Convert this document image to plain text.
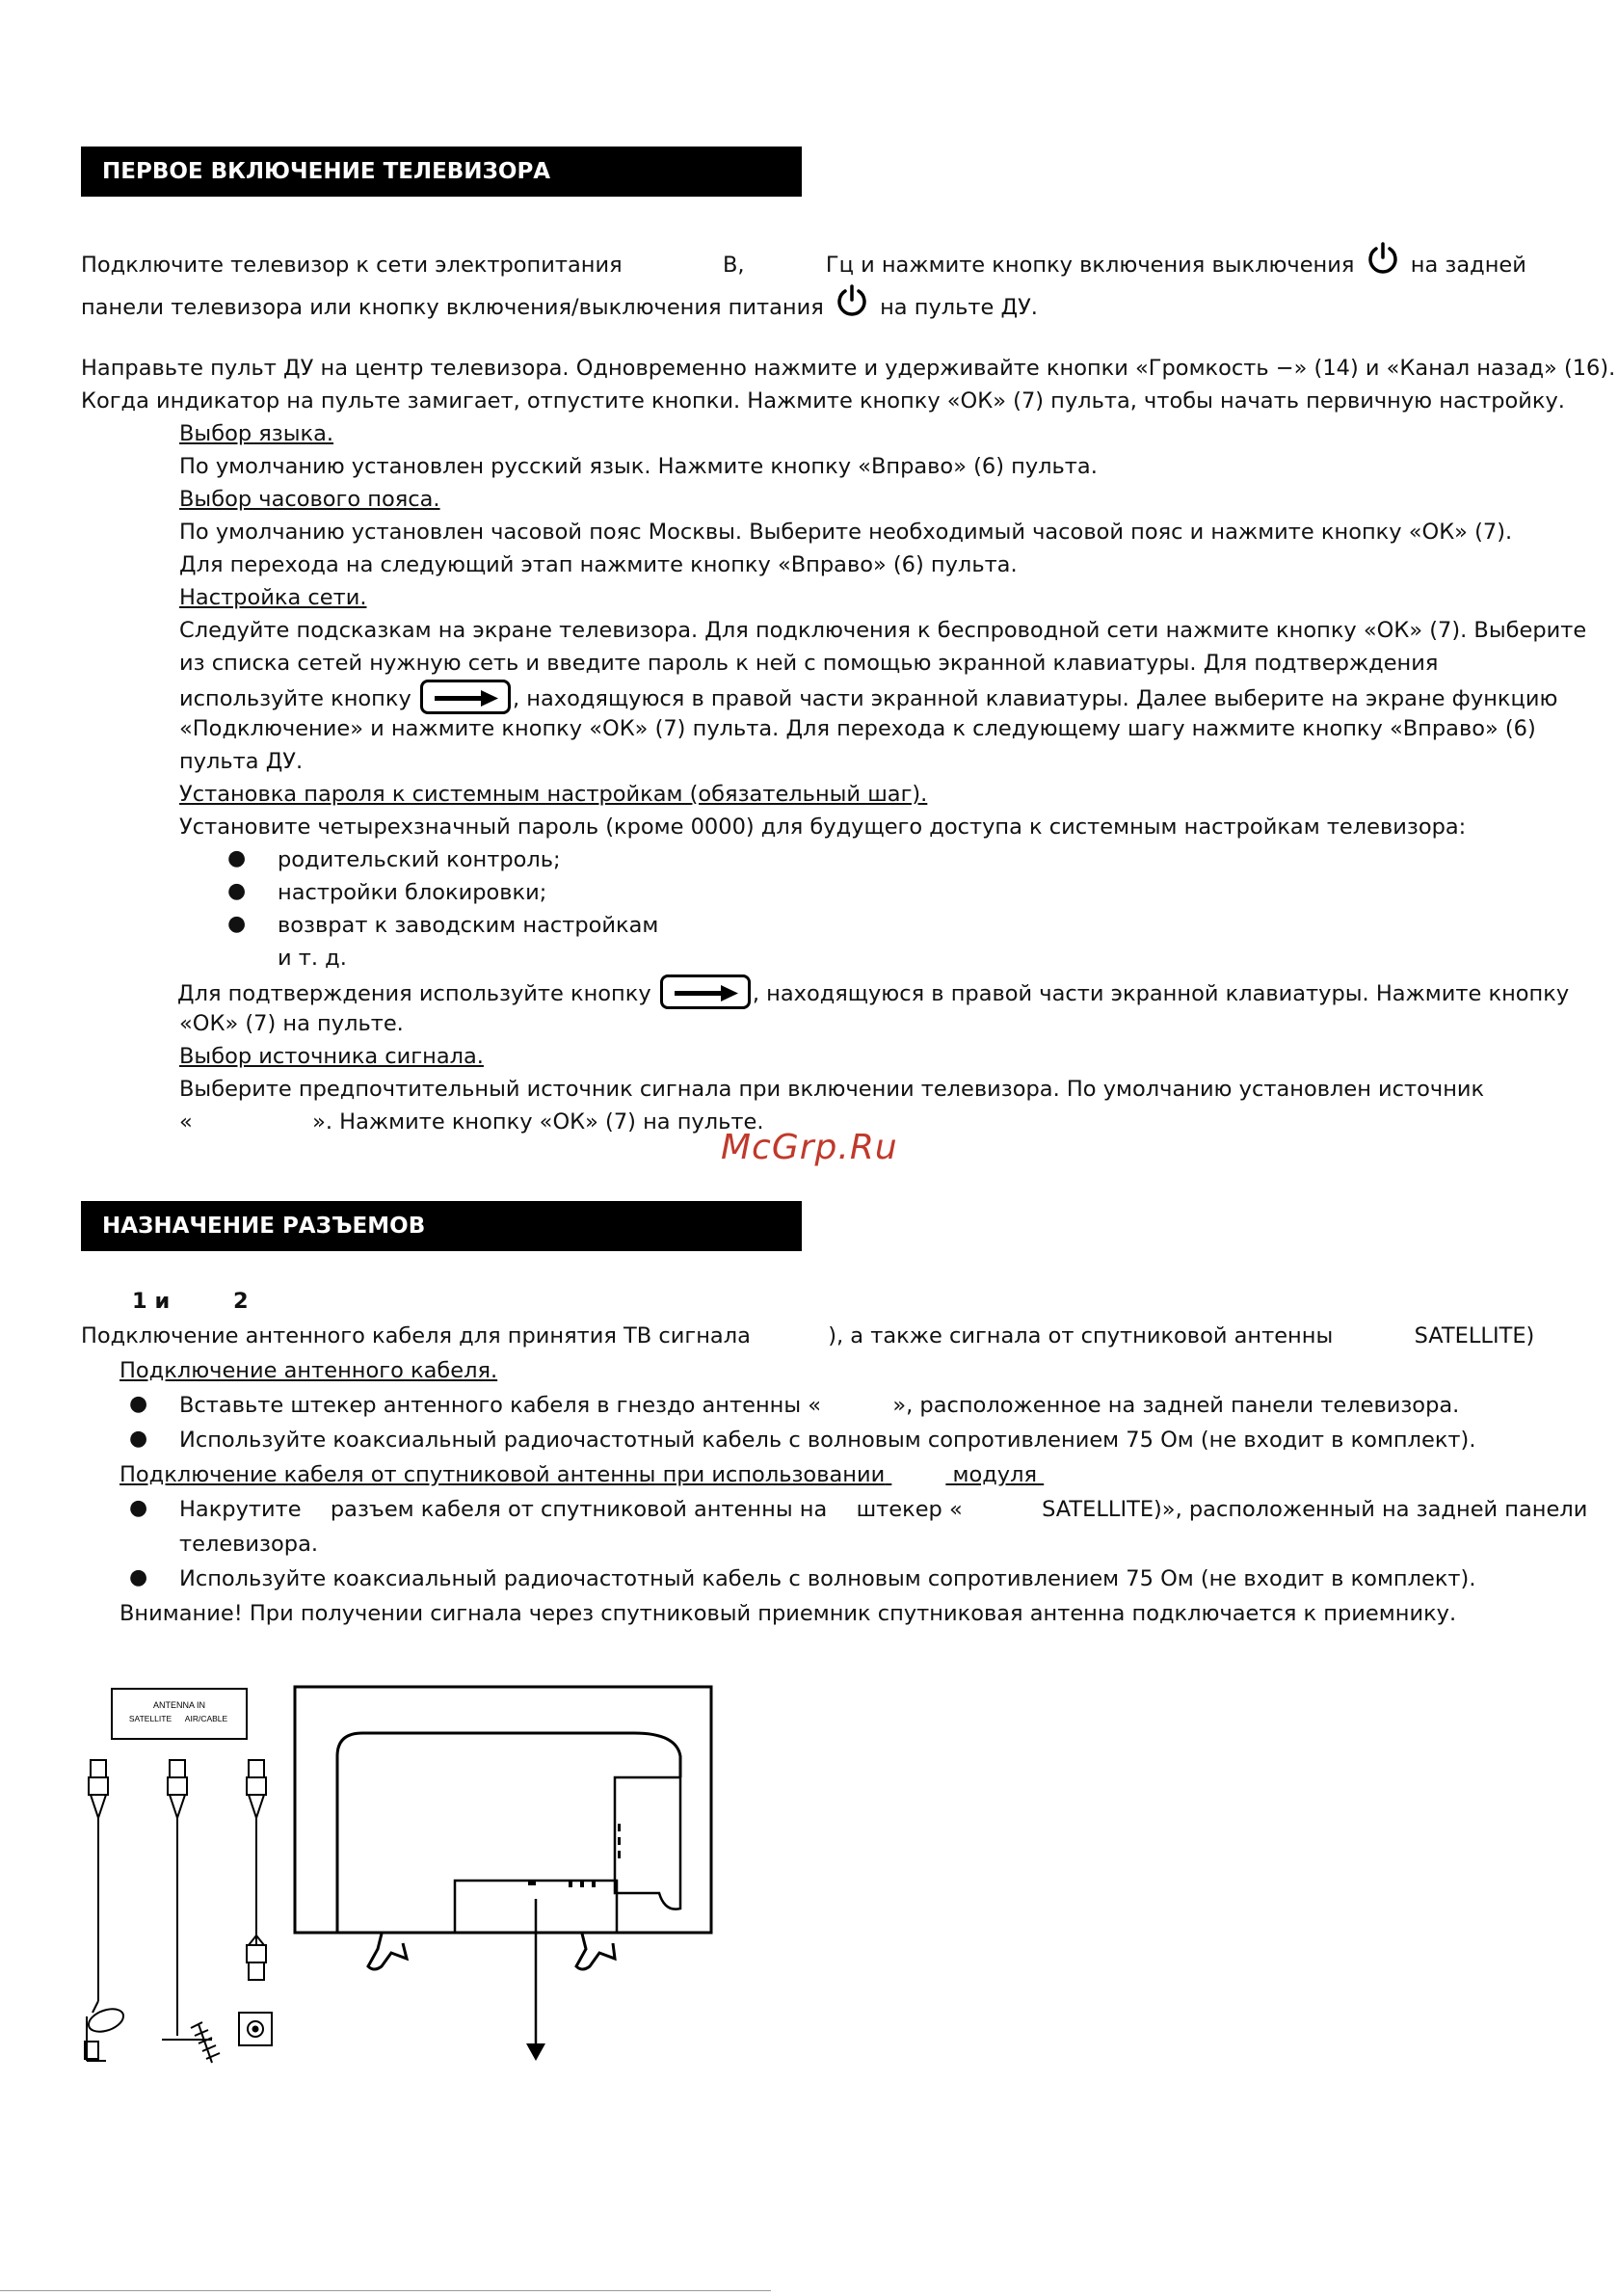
ПЕРВОЕ ВКЛЮЧЕНИЕ ТЕЛЕВИЗОРА
Подключите телевизор к сети электропитания	В,	Гц и нажмите кнопку включения выключения	на задней
панели телевизора или кнопку включения/выключения питания	на пульте ДУ.
Направьте пульт ДУ на центр телевизора. Одновременно нажмите и удерживайте кнопки «Громкость −» (14) и «Канал назад» (16).
Когда индикатор на пульте замигает, отпустите кнопки. Нажмите кнопку «ОК» (7) пульта, чтобы начать первичную настройку.
Выбор языка.
По умолчанию установлен русский язык. Нажмите кнопку «Вправо» (6) пульта.
Выбор часового пояса.
По умолчанию установлен часовой пояс Москвы. Выберите необходимый часовой пояс и нажмите кнопку «ОК» (7).
Для перехода на следующий этап нажмите кнопку «Вправо» (6) пульта.
Настройка сети.
Следуйте подсказкам на экране телевизора. Для подключения к беспроводной сети нажмите кнопку «ОК» (7). Выберите
из списка сетей нужную сеть и введите пароль к ней с помощью экранной клавиатуры. Для подтверждения
используйте кнопку	, находящуюся в правой части экранной клавиатуры. Далее выберите на экране функцию
«Подключение» и нажмите кнопку «ОК» (7) пульта. Для перехода к следующему шагу нажмите кнопку «Вправо» (6)
пульта ДУ.
Установка пароля к системным настройкам (обязательный шаг).
Установите четырехзначный пароль (кроме 0000) для будущего доступа к системным настройкам телевизора:
● родительский контроль;
● настройки блокировки;
● возврат к заводским настройкам
и т. д.
Для подтверждения используйте кнопку	, находящуюся в правой части экранной клавиатуры. Нажмите кнопку
«ОК» (7) на пульте.
Выбор источника сигнала.
Выберите предпочтительный источник сигнала при включении телевизора. По умолчанию установлен источник
«	». Нажмите кнопку «ОК» (7) на пульте.
McGrp.Ru
НАЗНАЧЕНИЕ РАЗЪЕМОВ
1 и	2
Подключение антенного кабеля для принятия ТВ сигнала	), а также сигнала от спутниковой антенны	SATELLITE)
Подключение антенного кабеля.
● Вставьте штекер антенного кабеля в гнездо антенны «	», расположенное на задней панели телевизора.
● Используйте коаксиальный радиочастотный кабель с волновым сопротивлением 75 Ом (не входит в комплект).
Подключение кабеля от спутниковой антенны при использовании	модуля
● Накрутите разъем кабеля от спутниковой антенны на штекер «	SATELLITE)», расположенный на задней панели
телевизора.
● Используйте коаксиальный радиочастотный кабель с волновым сопротивлением 75 Ом (не входит в комплект).
Внимание! При получении сигнала через спутниковый приемник спутниковая антенна подключается к приемнику.
ANTENNA IN
SATELLITE AIR/CABLE
